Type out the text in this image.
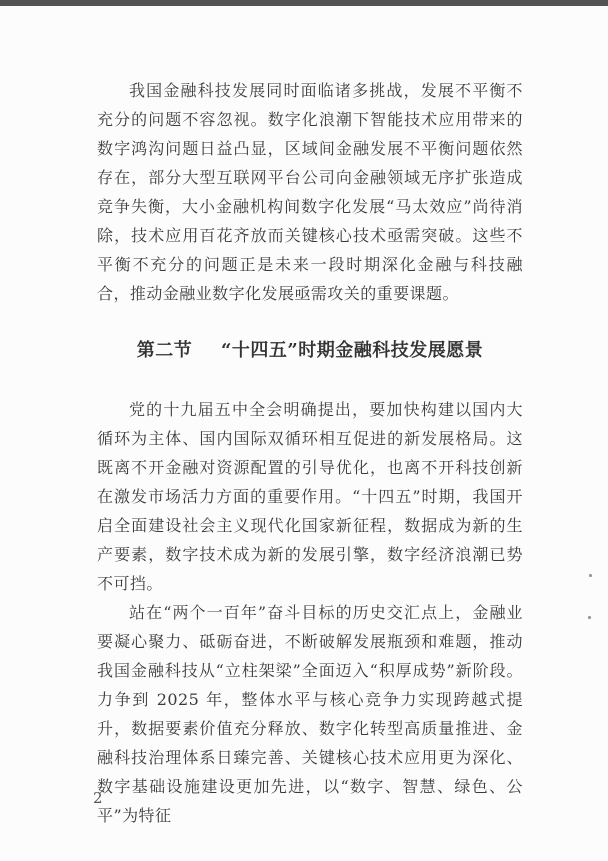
我国金融科技发展同时面临诸多挑战，发展不平衡不充分的问题不容忽视。数字化浪潮下智能技术应用带来的数字鸿沟问题日益凸显，区域间金融发展不平衡问题依然存在，部分大型互联网平台公司向金融领域无序扩张造成竞争失衡，大小金融机构间数字化发展“马太效应”尚待消除，技术应用百花齐放而关键核心技术亟需突破。这些不平衡不充分的问题正是未来一段时期深化金融与科技融合，推动金融业数字化发展亟需攻关的重要课题。

第二节 “十四五”时期金融科技发展愿景

党的十九届五中全会明确提出，要加快构建以国内大循环为主体、国内国际双循环相互促进的新发展格局。这既离不开金融对资源配置的引导优化，也离不开科技创新在激发市场活力方面的重要作用。“十四五”时期，我国开启全面建设社会主义现代化国家新征程，数据成为新的生产要素，数字技术成为新的发展引擎，数字经济浪潮已势不可挡。

站在“两个一百年”奋斗目标的历史交汇点上，金融业要凝心聚力、砥砺奋进，不断破解发展瓶颈和难题，推动我国金融科技从“立柱架梁”全面迈入“积厚成势”新阶段。力争到 2025 年，整体水平与核心竞争力实现跨越式提升，数据要素价值充分释放、数字化转型高质量推进、金融科技治理体系日臻完善、关键核心技术应用更为深化、数字基础设施建设更加先进，以“数字、智慧、绿色、公平”为特征

2
